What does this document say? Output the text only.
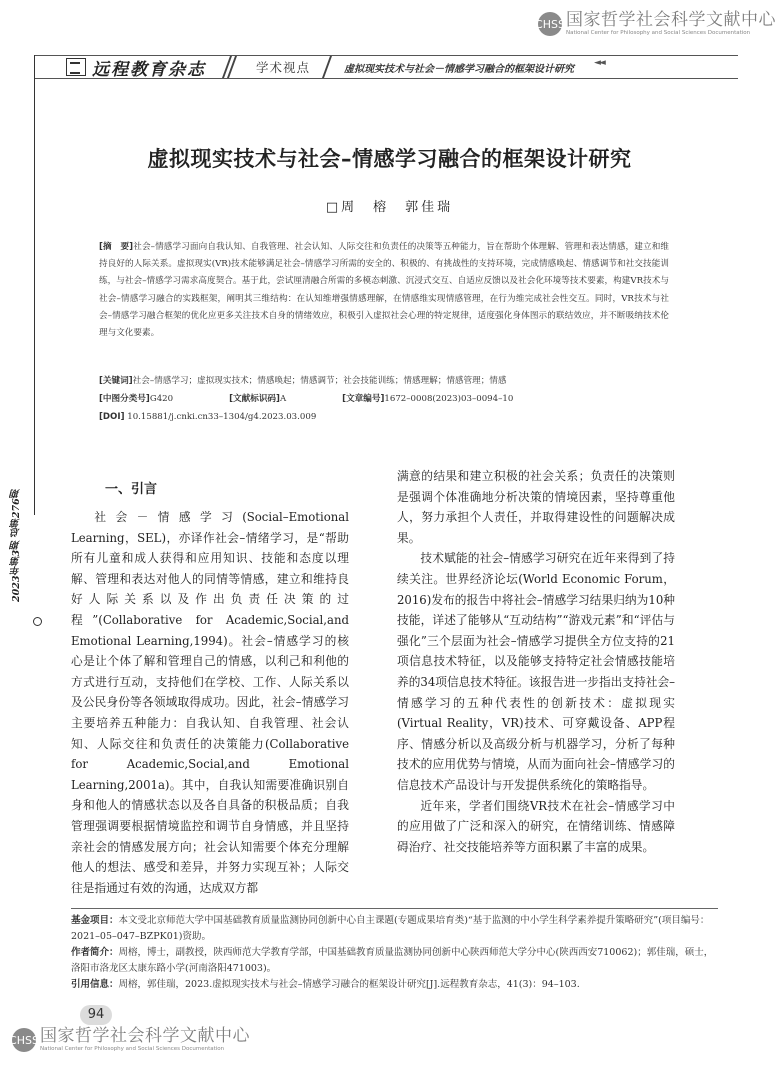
CHSS 国家哲学社会科学文献中心
National Center for Philosophy and Social Sciences Documentation
远程教育杂志	学术视点	虚拟现实技术与社会－情感学习融合的框架设计研究
◄◄
虚拟现实技术与社会–情感学习融合的框架设计研究
□周　榕　郭佳瑞
[摘　要]社会–情感学习面向自我认知、自我管理、社会认知、人际交往和负责任的决策等五种能力，旨在帮助个体理解、管理和表达情感，建立和维持良好的人际关系。虚拟现实(VR)技术能够满足社会–情感学习所需的安全的、积极的、有挑战性的支持环境，完成情感唤起、情感调节和社交技能训练，与社会–情感学习需求高度契合。基于此，尝试厘清融合所需的多模态刺激、沉浸式交互、自适应反馈以及社会化环境等技术要素，构建VR技术与社会–情感学习融合的实践框架，阐明其三维结构：在认知维增强情感理解，在情感维实现情感管理，在行为维完成社会性交互。同时，VR技术与社会–情感学习融合框架的优化应更多关注技术自身的情绪效应，积极引入虚拟社会心理的特定规律，适度强化身体图示的联结效应，并不断吸纳技术伦理与文化要素。
[关键词]社会–情感学习；虚拟现实技术；情感唤起；情感调节；社会技能训练；情感理解；情感管理；情感
[中图分类号]G420	[文献标识码]A	[文章编号]1672–0008(2023)03–0094–10
[DOI] 10.15881/j.cnki.cn33–1304/g4.2023.03.009
2023年第3期 总第276期	一、引言

社会－情感学习(Social–Emotional Learning，SEL)，亦译作社会–情绪学习，是“帮助所有儿童和成人获得和应用知识、技能和态度以理解、管理和表达对他人的同情等情感，建立和维持良好人际关系以及作出负责任决策的过程”(Collaborative for Academic,Social,and Emotional Learning,1994)。社会–情感学习的核心是让个体了解和管理自己的情感，以利己和利他的方式进行互动，支持他们在学校、工作、人际关系以及公民身份等各领域取得成功。因此，社会–情感学习主要培养五种能力：自我认知、自我管理、社会认知、人际交往和负责任的决策能力(Collaborative for Academic,Social,and Emotional Learning,2001a)。其中，自我认知需要准确识别自身和他人的情感状态以及各自具备的积极品质；自我管理强调要根据情境监控和调节自身情感，并且坚持亲社会的情感发展方向；社会认知需要个体充分理解他人的想法、感受和差异，并努力实现互补；人际交往是指通过有效的沟通，达成双方都

满意的结果和建立积极的社会关系；负责任的决策则是强调个体准确地分析决策的情境因素，坚持尊重他人，努力承担个人责任，并取得建设性的问题解决成果。

技术赋能的社会–情感学习研究在近年来得到了持续关注。世界经济论坛(World Economic Forum，2016)发布的报告中将社会–情感学习结果归纳为10种技能，详述了能够从“互动结构”“游戏元素”和“评估与强化”三个层面为社会–情感学习提供全方位支持的21项信息技术特征，以及能够支持特定社会情感技能培养的34项信息技术特征。该报告进一步指出支持社会–情感学习的五种代表性的创新技术：虚拟现实(Virtual Reality，VR)技术、可穿戴设备、APP程序、情感分析以及高级分析与机器学习，分析了每种技术的应用优势与情境，从而为面向社会–情感学习的信息技术产品设计与开发提供系统化的策略指导。

近年来，学者们围绕VR技术在社会–情感学习中的应用做了广泛和深入的研究，在情绪训练、情感障碍治疗、社交技能培养等方面积累了丰富的成果。

基金项目：本文受北京师范大学中国基础教育质量监测协同创新中心自主课题(专题成果培育类)“基于监测的中小学生科学素养提升策略研究”(项目编号：2021–05–047–BZPK01)资助。

作者简介：周榕，博士，副教授，陕西师范大学教育学部，中国基础教育质量监测协同创新中心陕西师范大学分中心(陕西西安710062)；郭佳瑞，硕士，洛阳市洛龙区太康东路小学(河南洛阳471003)。

引用信息：周榕，郭佳瑞，2023.虚拟现实技术与社会–情感学习融合的框架设计研究[J].远程教育杂志，41(3)：94–103.

94
CHSS 国家哲学社会科学文献中心
National Center for Philosophy and Social Sciences Documentation
